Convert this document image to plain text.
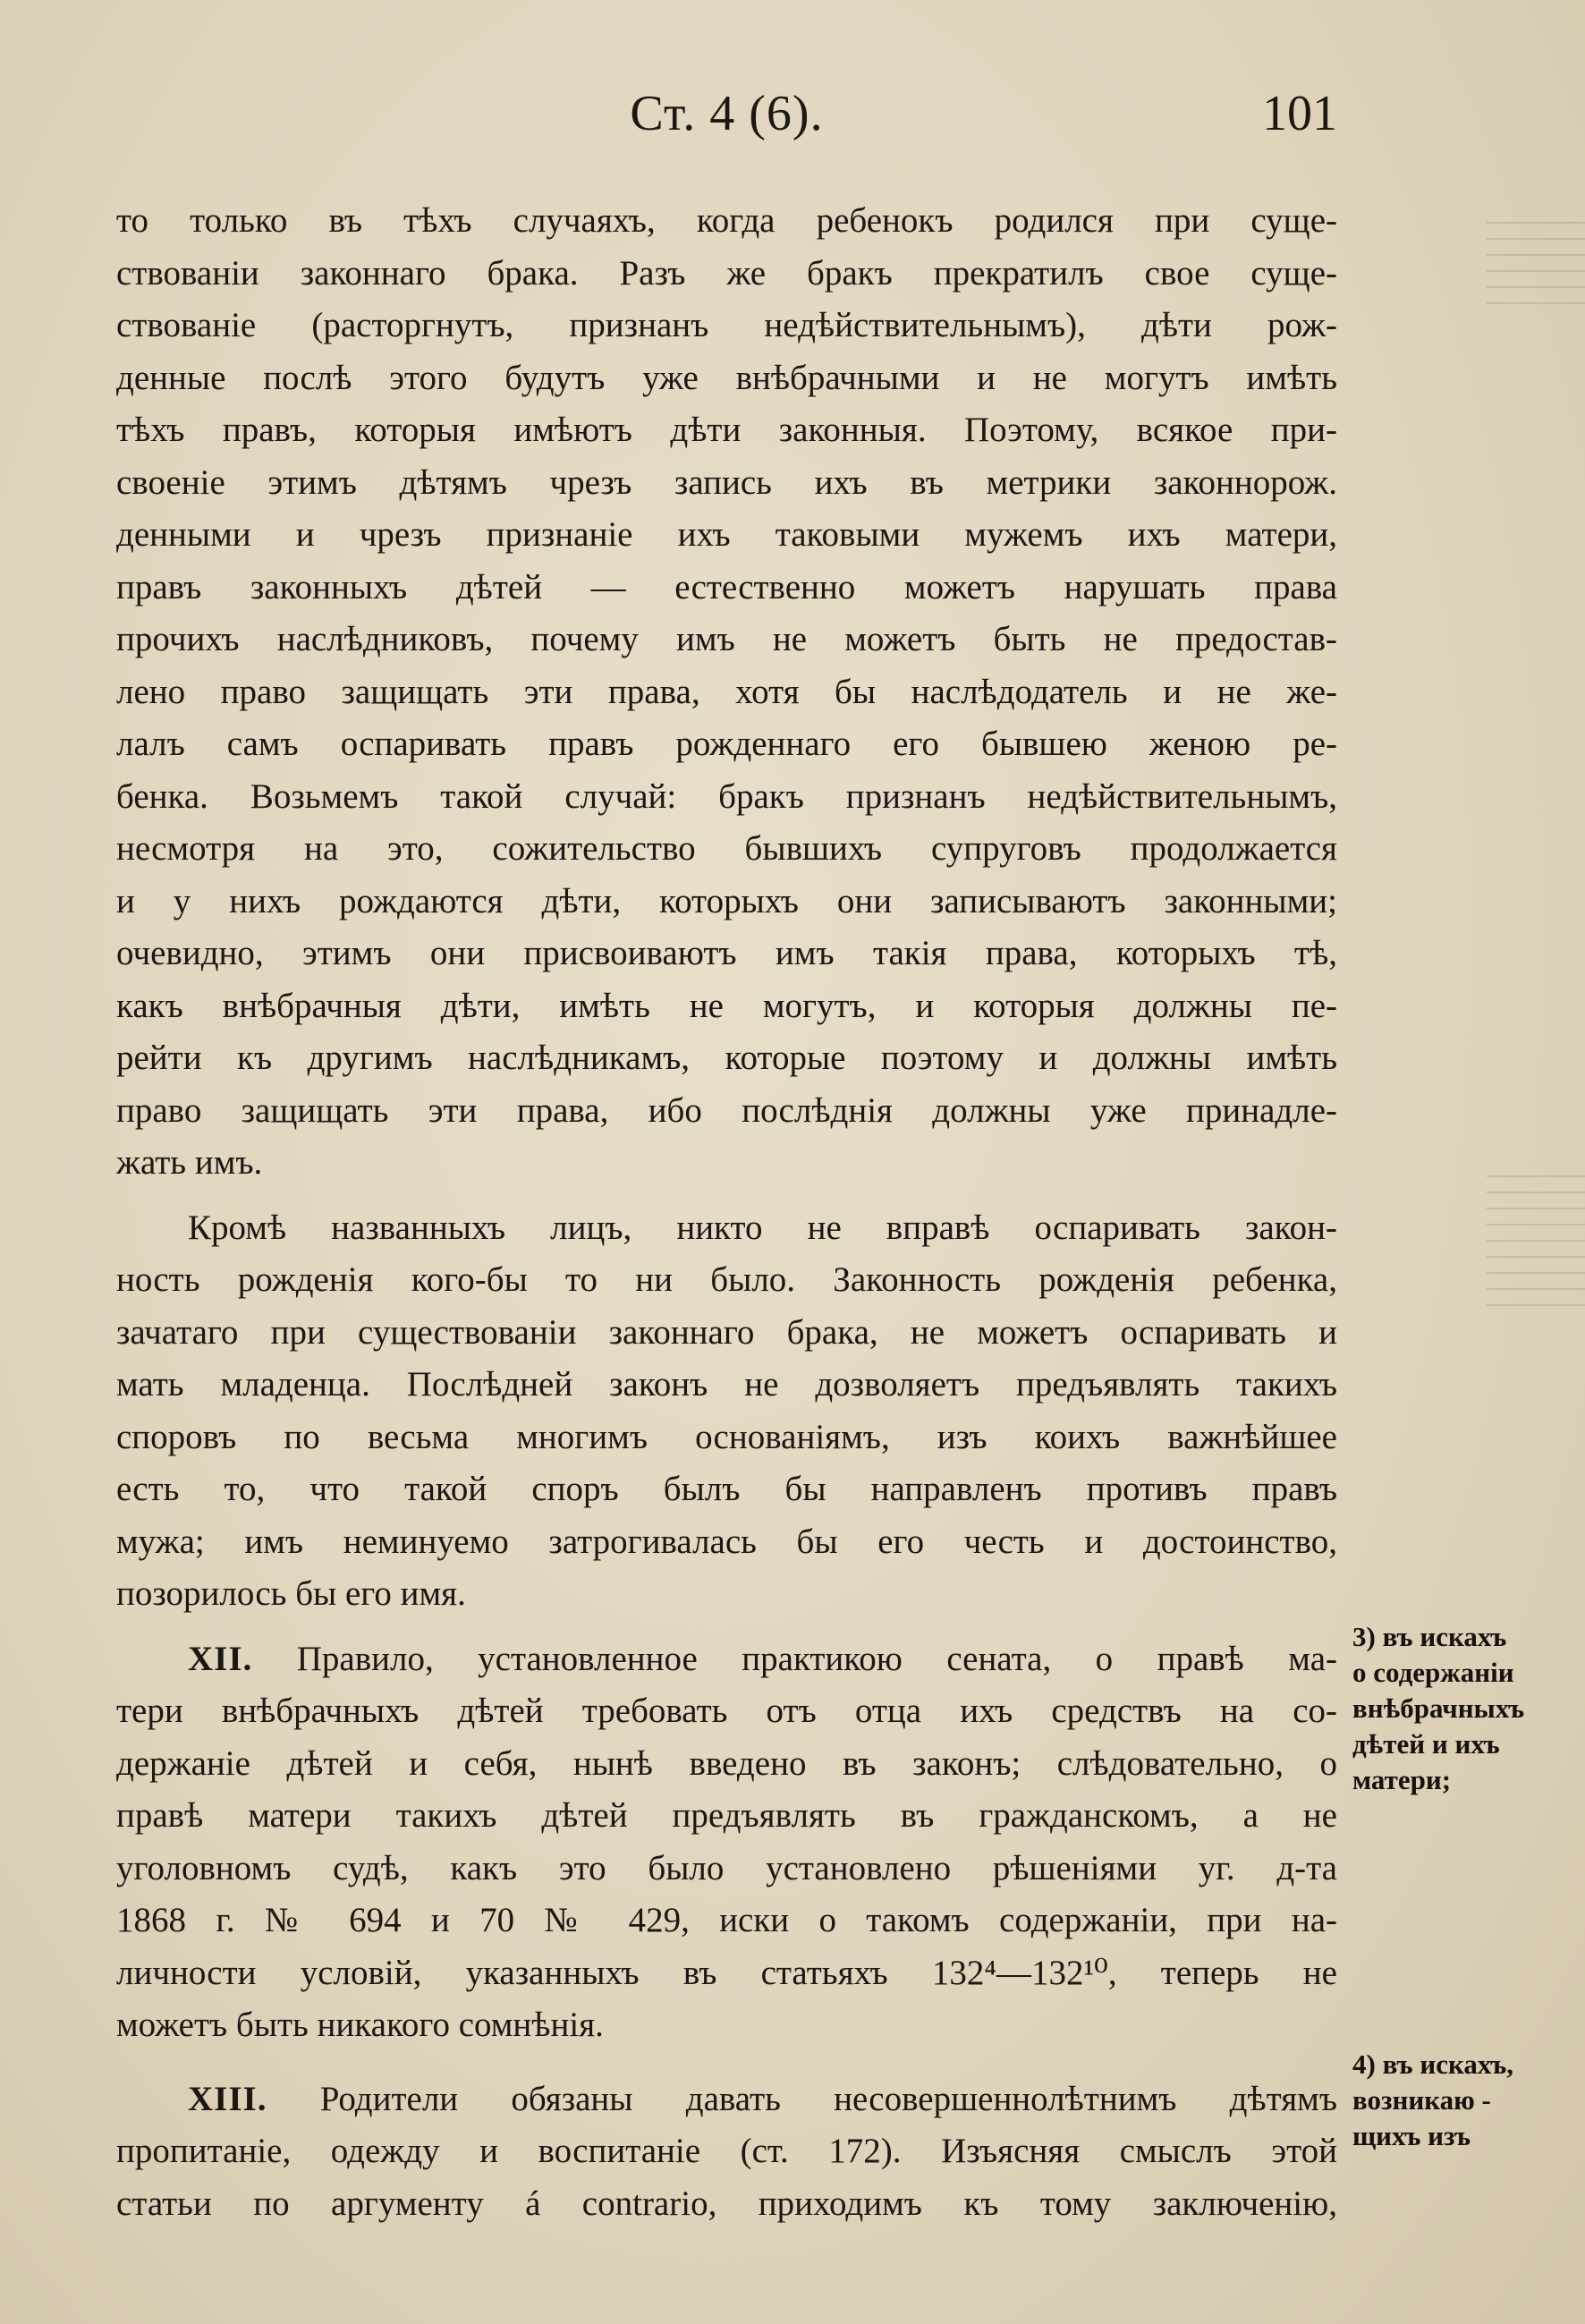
Ст. 4 (6).	101
то только въ тѣхъ случаяхъ, когда ребенокъ родился при суще-
ствованіи законнаго брака. Разъ же бракъ прекратилъ свое суще-
ствованіе (расторгнутъ, признанъ недѣйствительнымъ), дѣти рож-
денные послѣ этого будутъ уже внѣбрачными и не могутъ имѣть
тѣхъ правъ, которыя имѣютъ дѣти законныя. Поэтому, всякое при-
своеніе этимъ дѣтямъ чрезъ запись ихъ въ метрики законнорож.
денными и чрезъ признаніе ихъ таковыми мужемъ ихъ матери,
правъ законныхъ дѣтей — естественно можетъ нарушать права
прочихъ наслѣдниковъ, почему имъ не можетъ быть не предостав-
лено право защищать эти права, хотя бы наслѣдодатель и не же-
лалъ самъ оспаривать правъ рожденнаго его бывшею женою ре-
бенка. Возьмемъ такой случай: бракъ признанъ недѣйствительнымъ,
несмотря на это, сожительство бывшихъ супруговъ продолжается
и у нихъ рождаются дѣти, которыхъ они записываютъ законными;
очевидно, этимъ они присвоиваютъ имъ такія права, которыхъ тѣ,
какъ внѣбрачныя дѣти, имѣть не могутъ, и которыя должны пе-
рейти къ другимъ наслѣдникамъ, которые поэтому и должны имѣть
право защищать эти права, ибо послѣднія должны уже принадле-
жать имъ.
Кромѣ названныхъ лицъ, никто не вправѣ оспаривать закон-
ность рожденія кого-бы то ни было. Законность рожденія ребенка,
зачатаго при существованіи законнаго брака, не можетъ оспаривать и
мать младенца. Послѣдней законъ не дозволяетъ предъявлять такихъ
споровъ по весьма многимъ основаніямъ, изъ коихъ важнѣйшее
есть то, что такой споръ былъ бы направленъ противъ правъ
мужа; имъ неминуемо затрогивалась бы его честь и достоинство,
позорилось бы его имя.
XII. Правило, установленное практикою сената, о правѣ ма-
тери внѣбрачныхъ дѣтей требовать отъ отца ихъ средствъ на со-
держаніе дѣтей и себя, нынѣ введено въ законъ; слѣдовательно, о
правѣ матери такихъ дѣтей предъявлять въ гражданскомъ, а не
уголовномъ судѣ, какъ это было установлено рѣшеніями уг. д-та
1868 г. № 694 и 70 № 429, иски о такомъ содержаніи, при на-
личности условій, указанныхъ въ статьяхъ 132⁴—132¹⁰, теперь не
можетъ быть никакого сомнѣнія.
XIII. Родители обязаны давать несовершеннолѣтнимъ дѣтямъ
пропитаніе, одежду и воспитаніе (ст. 172). Изъясняя смыслъ этой
статьи по аргументу á contrario, приходимъ къ тому заключенію,
3) въ искахъ
о содержаніи
внѣбрачныхъ
дѣтей и ихъ
матери;
4) въ искахъ,
возникаю -
щихъ изъ
